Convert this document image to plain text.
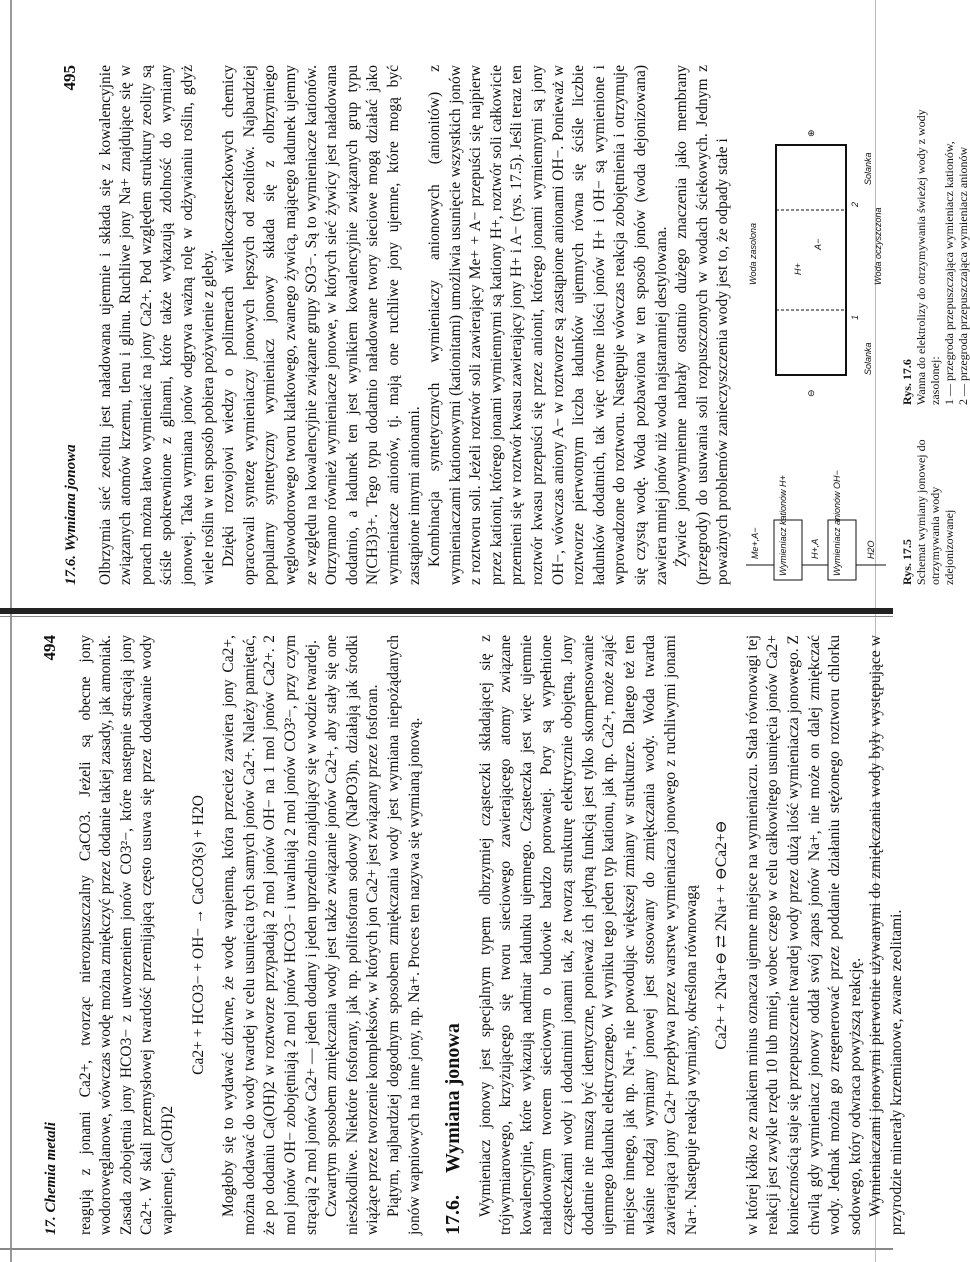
17. Chemia metali
494 reagują z jonami Ca2+, tworząc nierozpuszczalny CaCO3. Jeżeli są obecne jony wodorowęglanowe, wówczas wodę można zmiękczyć przez dodanie takiej zasady, jak amoniak. Zasada zobojętnia jony HCO3− z utworzeniem jonów CO3²−, które następnie strącają jony Ca2+. W skali przemysłowej twardość przemijającą często usuwa się przez dodawanie wody wapiennej, Ca(OH)2

Ca2+ + HCO3− + OH− → CaCO3(s) + H2O Mogłoby się to wydawać dziwne, że wodę wapienną, która przecież zawiera jony Ca2+, można dodawać do wody twardej w celu usunięcia tych samych jonów Ca2+. Należy pamiętać, że po dodaniu Ca(OH)2 w roztworze przypadają 2 mol jonów OH− na 1 mol jonów Ca2+. 2 mol jonów OH− zobojętniają 2 mol jonów HCO3− i uwalniają 2 mol jonów CO3²−, przy czym strącają 2 mol jonów Ca2+ — jeden dodany i jeden uprzednio znajdujący się w wodzie twardej. Czwartym sposobem zmiękczania wody jest także związanie jonów Ca2+, aby stały się one nieszkodliwe. Niektóre fosforany, jak np. polifosforan sodowy (NaPO3)n, działają jak środki wiążące przez tworzenie kompleksów, w których jon Ca2+ jest związany przez fosforan. Piątym, najbardziej dogodnym sposobem zmiękczania wody jest wymiana niepożądanych jonów wapniowych na inne jony, np. Na+. Proces ten nazywa się wymianą jonową. 17.6.Wymiana jonowa Wymieniacz jonowy jest specjalnym typem olbrzymiej cząsteczki składającej się z trójwymiarowego, krzyżującego się tworu sieciowego zawierającego atomy związane kowalencyjnie, które wykazują nadmiar ładunku ujemnego. Cząsteczka jest więc ujemnie naładowanym tworem sieciowym o budowie bardzo porowatej. Pory są wypełnione cząsteczkami wody i dodatnimi jonami tak, że tworzą strukturę elektrycznie obojętną. Jony dodatnie nie muszą być identyczne, ponieważ ich jedyną funkcją jest tylko skompensowanie ujemnego ładunku elektrycznego. W wyniku tego jeden typ kationu, jak np. Ca2+, może zająć miejsce innego, jak np. Na+, nie powodując większej zmiany w strukturze. Dlatego też ten właśnie rodzaj wymiany jonowej jest stosowany do zmiękczania wody. Woda twarda zawierająca jony Ca2+ przepływa przez warstwę wymieniacza jonowego z ruchliwymi jonami Na+. Następuje reakcja wymiany, określona równowagą Ca2+ + 2Na+⊖ ⇄ 2Na+ + ⊖Ca2+⊖ w której kółko ze znakiem minus oznacza ujemne miejsce na wymieniaczu. Stała równowagi tej reakcji jest zwykle rzędu 10 lub mniej, wobec czego w celu całkowitego usunięcia jonów Ca2+ koniecznością staje się przepuszczenie twardej wody przez dużą ilość wymieniacza jonowego. Z chwilą gdy wymieniacz jonowy oddał swój zapas jonów Na+, nie może on dalej zmiękczać wody. Jednak można go zregenerować przez poddanie działaniu stężonego roztworu chlorku sodowego, który odwraca powyższą reakcję. Wymieniaczami jonowymi pierwotnie używanymi do zmiękczania wody były występujące w przyrodzie minerały krzemianowe, zwane zeolitami.

17.6. Wymiana jonowa
495 Olbrzymia sieć zeolitu jest naładowana ujemnie i składa się z kowalencyjnie związanych atomów krzemu, tlenu i glinu. Ruchliwe jony Na+ znajdujące się w porach można łatwo wymieniać na jony Ca2+. Pod względem struktury zeolity są ściśle spokrewnione z glinami, które także wykazują zdolność do wymiany jonowej. Taka wymiana jonów odgrywa ważną rolę w odżywianiu roślin, gdyż wiele roślin w ten sposób pobiera pożywienie z gleby. Dzięki rozwojowi wiedzy o polimerach wielkocząsteczkowych chemicy opracowali syntezę wymieniaczy jonowych lepszych od zeolitów. Najbardziej popularny syntetyczny wymieniacz jonowy składa się z olbrzymiego węglowodorowego tworu klatkowego, zwanego żywicą, mającego ładunek ujemny ze względu na kowalencyjnie związane grupy SO3−. Są to wymieniacze kationów. Otrzymano również wymieniacze jonowe, w których sieć żywicy jest naładowana dodatnio, a ładunek ten jest wynikiem kowalencyjnie związanych grup typu N(CH3)3+. Tego typu dodatnio naładowane twory sieciowe mogą działać jako wymieniacze anionów, tj. mają one ruchliwe jony ujemne, które mogą być zastąpione innymi anionami. Kombinacja syntetycznych wymieniaczy anionowych (anionitów) z wymieniaczami kationowymi (kationitami) umożliwia usunięcie wszystkich jonów z roztworu soli. Jeżeli roztwór soli zawierający Me+ + A− przepuści się najpierw przez kationit, którego jonami wymiennymi są kationy H+, roztwór soli całkowicie przemieni się w roztwór kwasu zawierający jony H+ i A− (rys. 17.5). Jeśli teraz ten roztwór kwasu przepuści się przez anionit, którego jonami wymiennymi są jony OH−, wówczas aniony A− w roztworze są zastąpione anionami OH−. Ponieważ w roztworze pierwotnym liczba ładunków ujemnych równa się ściśle liczbie ładunków dodatnich, tak więc równe ilości jonów H+ i OH− są wymienione i wprowadzone do roztworu. Następuje wówczas reakcja zobojętnienia i otrzymuje się czystą wodę. Woda pozbawiona w ten sposób jonów (woda dejonizowana) zawiera mniej jonów niż woda najstaranniej destylowana. Żywice jonowymienne nabrały ostatnio dużego znaczenia jako membrany (przegrody) do usuwania soli rozpuszczonych w wodach ściekowych. Jednym z poważnych problemów zanieczyszczenia wody jest to, że odpady stałe i Me+,A− Wymieniacz kationów H+ H+,A Wymieniacz anionów OH−	H2O Rys. 17.5
Schemat wymiany jonowej do otrzymywania wody zdejonizowanej
Woda zasolona
⊖
⊕
H+
A−
1
2
Solanka
Woda oczyszczona
Solanka
Rys. 17.6
Wanna do elektrolizy do otrzymywania świeżej wody z wody zasolonej:
1 — przegroda przepuszczająca wymieniacz kationów,
2 — przegroda przepuszczająca wymieniacz anionów
